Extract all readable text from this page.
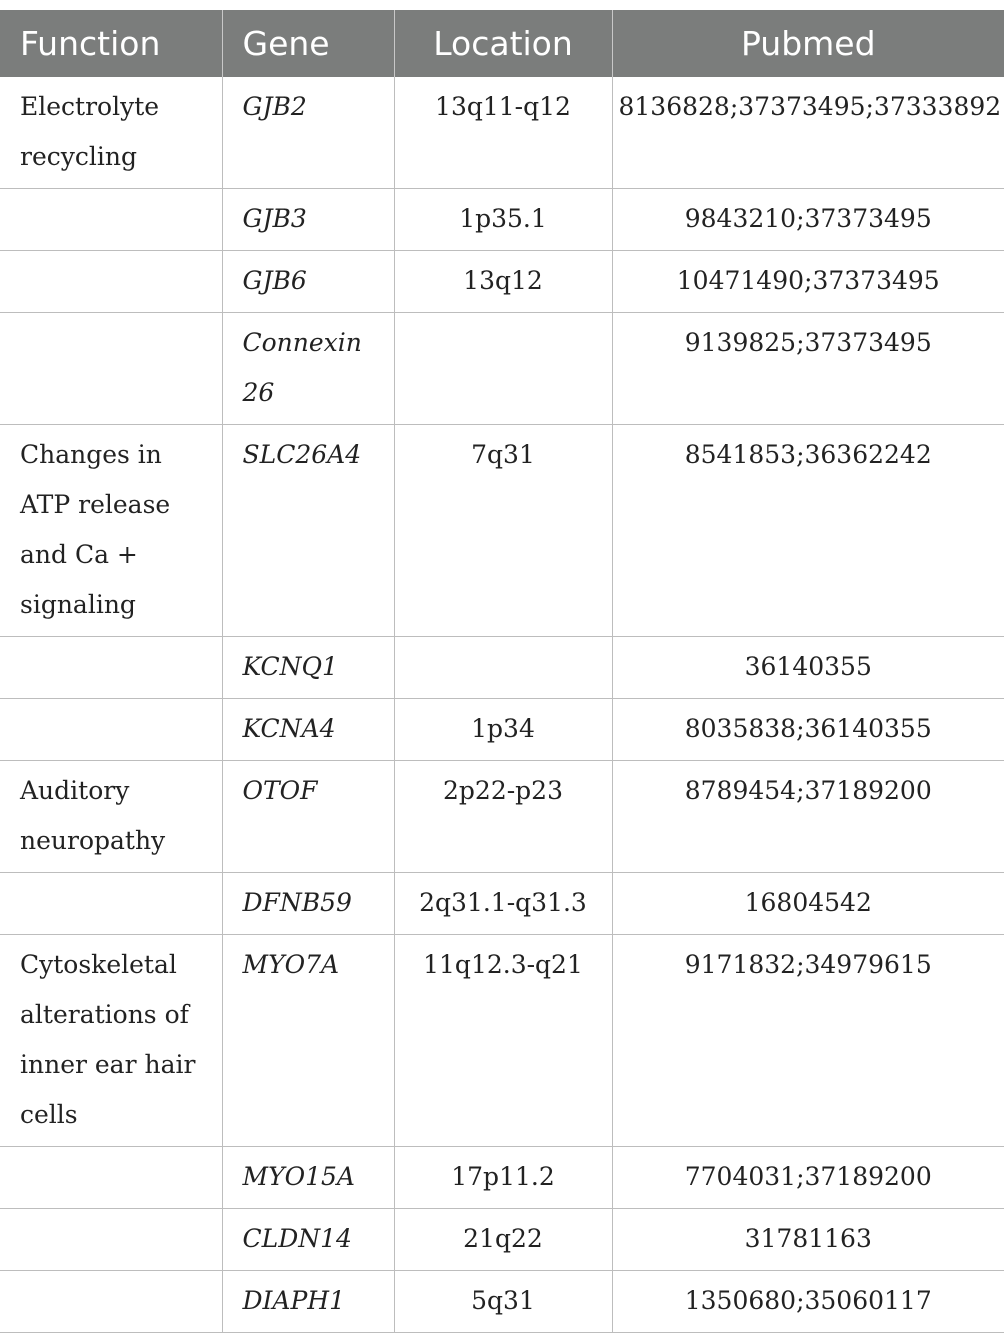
Function	Gene	Location	Pubmed
Electrolyte recycling	GJB2	13q11-q12	8136828;37373495;37333892
	GJB3	1p35.1	9843210;37373495
	GJB6	13q12	10471490;37373495
	Connexin 26		9139825;37373495
Changes in ATP release and Ca + signaling	SLC26A4	7q31	8541853;36362242
	KCNQ1		36140355
	KCNA4	1p34	8035838;36140355
Auditory neuropathy	OTOF	2p22-p23	8789454;37189200
	DFNB59	2q31.1-q31.3	16804542
Cytoskeletal alterations of inner ear hair cells	MYO7A	11q12.3-q21	9171832;34979615
	MYO15A	17p11.2	7704031;37189200
	CLDN14	21q22	31781163
	DIAPH1	5q31	1350680;35060117
